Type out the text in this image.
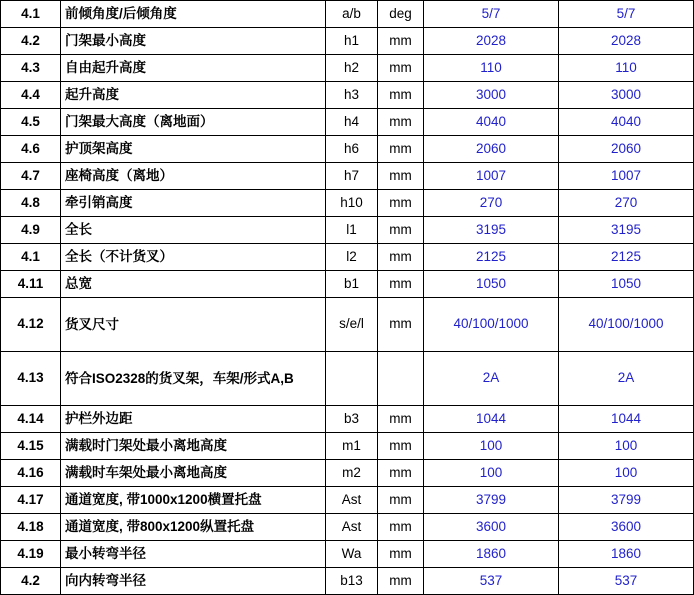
4.1	前倾角度/后倾角度	a/b	deg	5/7	5/7
4.2	门架最小高度	h1	mm	2028	2028
4.3	自由起升高度	h2	mm	110	110
4.4	起升高度	h3	mm	3000	3000
4.5	门架最大高度（离地面）	h4	mm	4040	4040
4.6	护顶架高度	h6	mm	2060	2060
4.7	座椅高度（离地）	h7	mm	1007	1007
4.8	牵引销高度	h10	mm	270	270
4.9	全长	l1	mm	3195	3195
4.1	全长（不计货叉）	l2	mm	2125	2125
4.11	总宽	b1	mm	1050	1050
4.12	货叉尺寸	s/e/l	mm	40/100/1000	40/100/1000
4.13	符合ISO2328的货叉架，车架/形式A,B			2A	2A
4.14	护栏外边距	b3	mm	1044	1044
4.15	满载时门架处最小离地高度	m1	mm	100	100
4.16	满载时车架处最小离地高度	m2	mm	100	100
4.17	通道宽度, 带1000x1200横置托盘	Ast	mm	3799	3799
4.18	通道宽度, 带800x1200纵置托盘	Ast	mm	3600	3600
4.19	最小转弯半径	Wa	mm	1860	1860
4.2	向内转弯半径	b13	mm	537	537
